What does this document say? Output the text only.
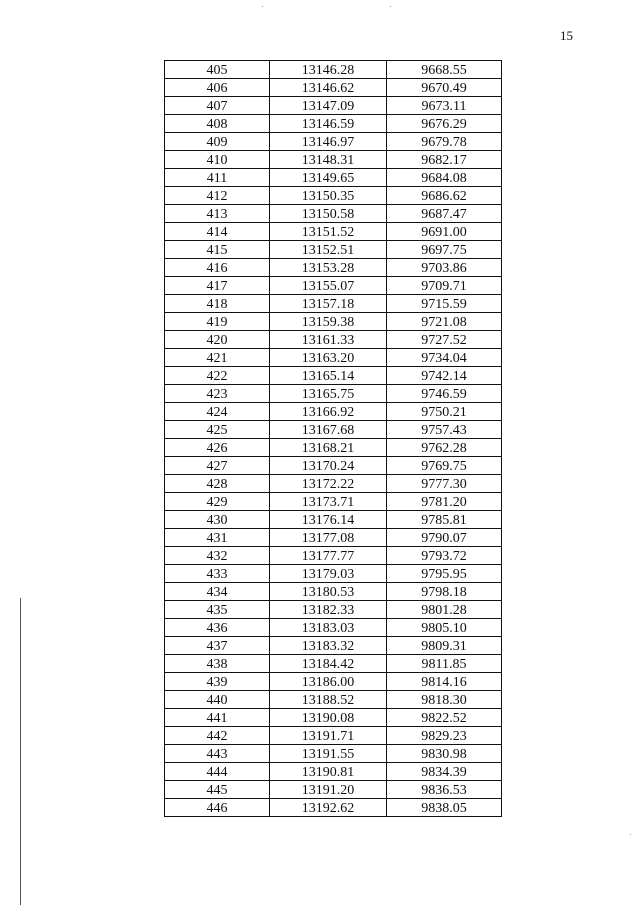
15
405	13146.28	9668.55
406	13146.62	9670.49
407	13147.09	9673.11
408	13146.59	9676.29
409	13146.97	9679.78
410	13148.31	9682.17
411	13149.65	9684.08
412	13150.35	9686.62
413	13150.58	9687.47
414	13151.52	9691.00
415	13152.51	9697.75
416	13153.28	9703.86
417	13155.07	9709.71
418	13157.18	9715.59
419	13159.38	9721.08
420	13161.33	9727.52
421	13163.20	9734.04
422	13165.14	9742.14
423	13165.75	9746.59
424	13166.92	9750.21
425	13167.68	9757.43
426	13168.21	9762.28
427	13170.24	9769.75
428	13172.22	9777.30
429	13173.71	9781.20
430	13176.14	9785.81
431	13177.08	9790.07
432	13177.77	9793.72
433	13179.03	9795.95
434	13180.53	9798.18
435	13182.33	9801.28
436	13183.03	9805.10
437	13183.32	9809.31
438	13184.42	9811.85
439	13186.00	9814.16
440	13188.52	9818.30
441	13190.08	9822.52
442	13191.71	9829.23
443	13191.55	9830.98
444	13190.81	9834.39
445	13191.20	9836.53
446	13192.62	9838.05
